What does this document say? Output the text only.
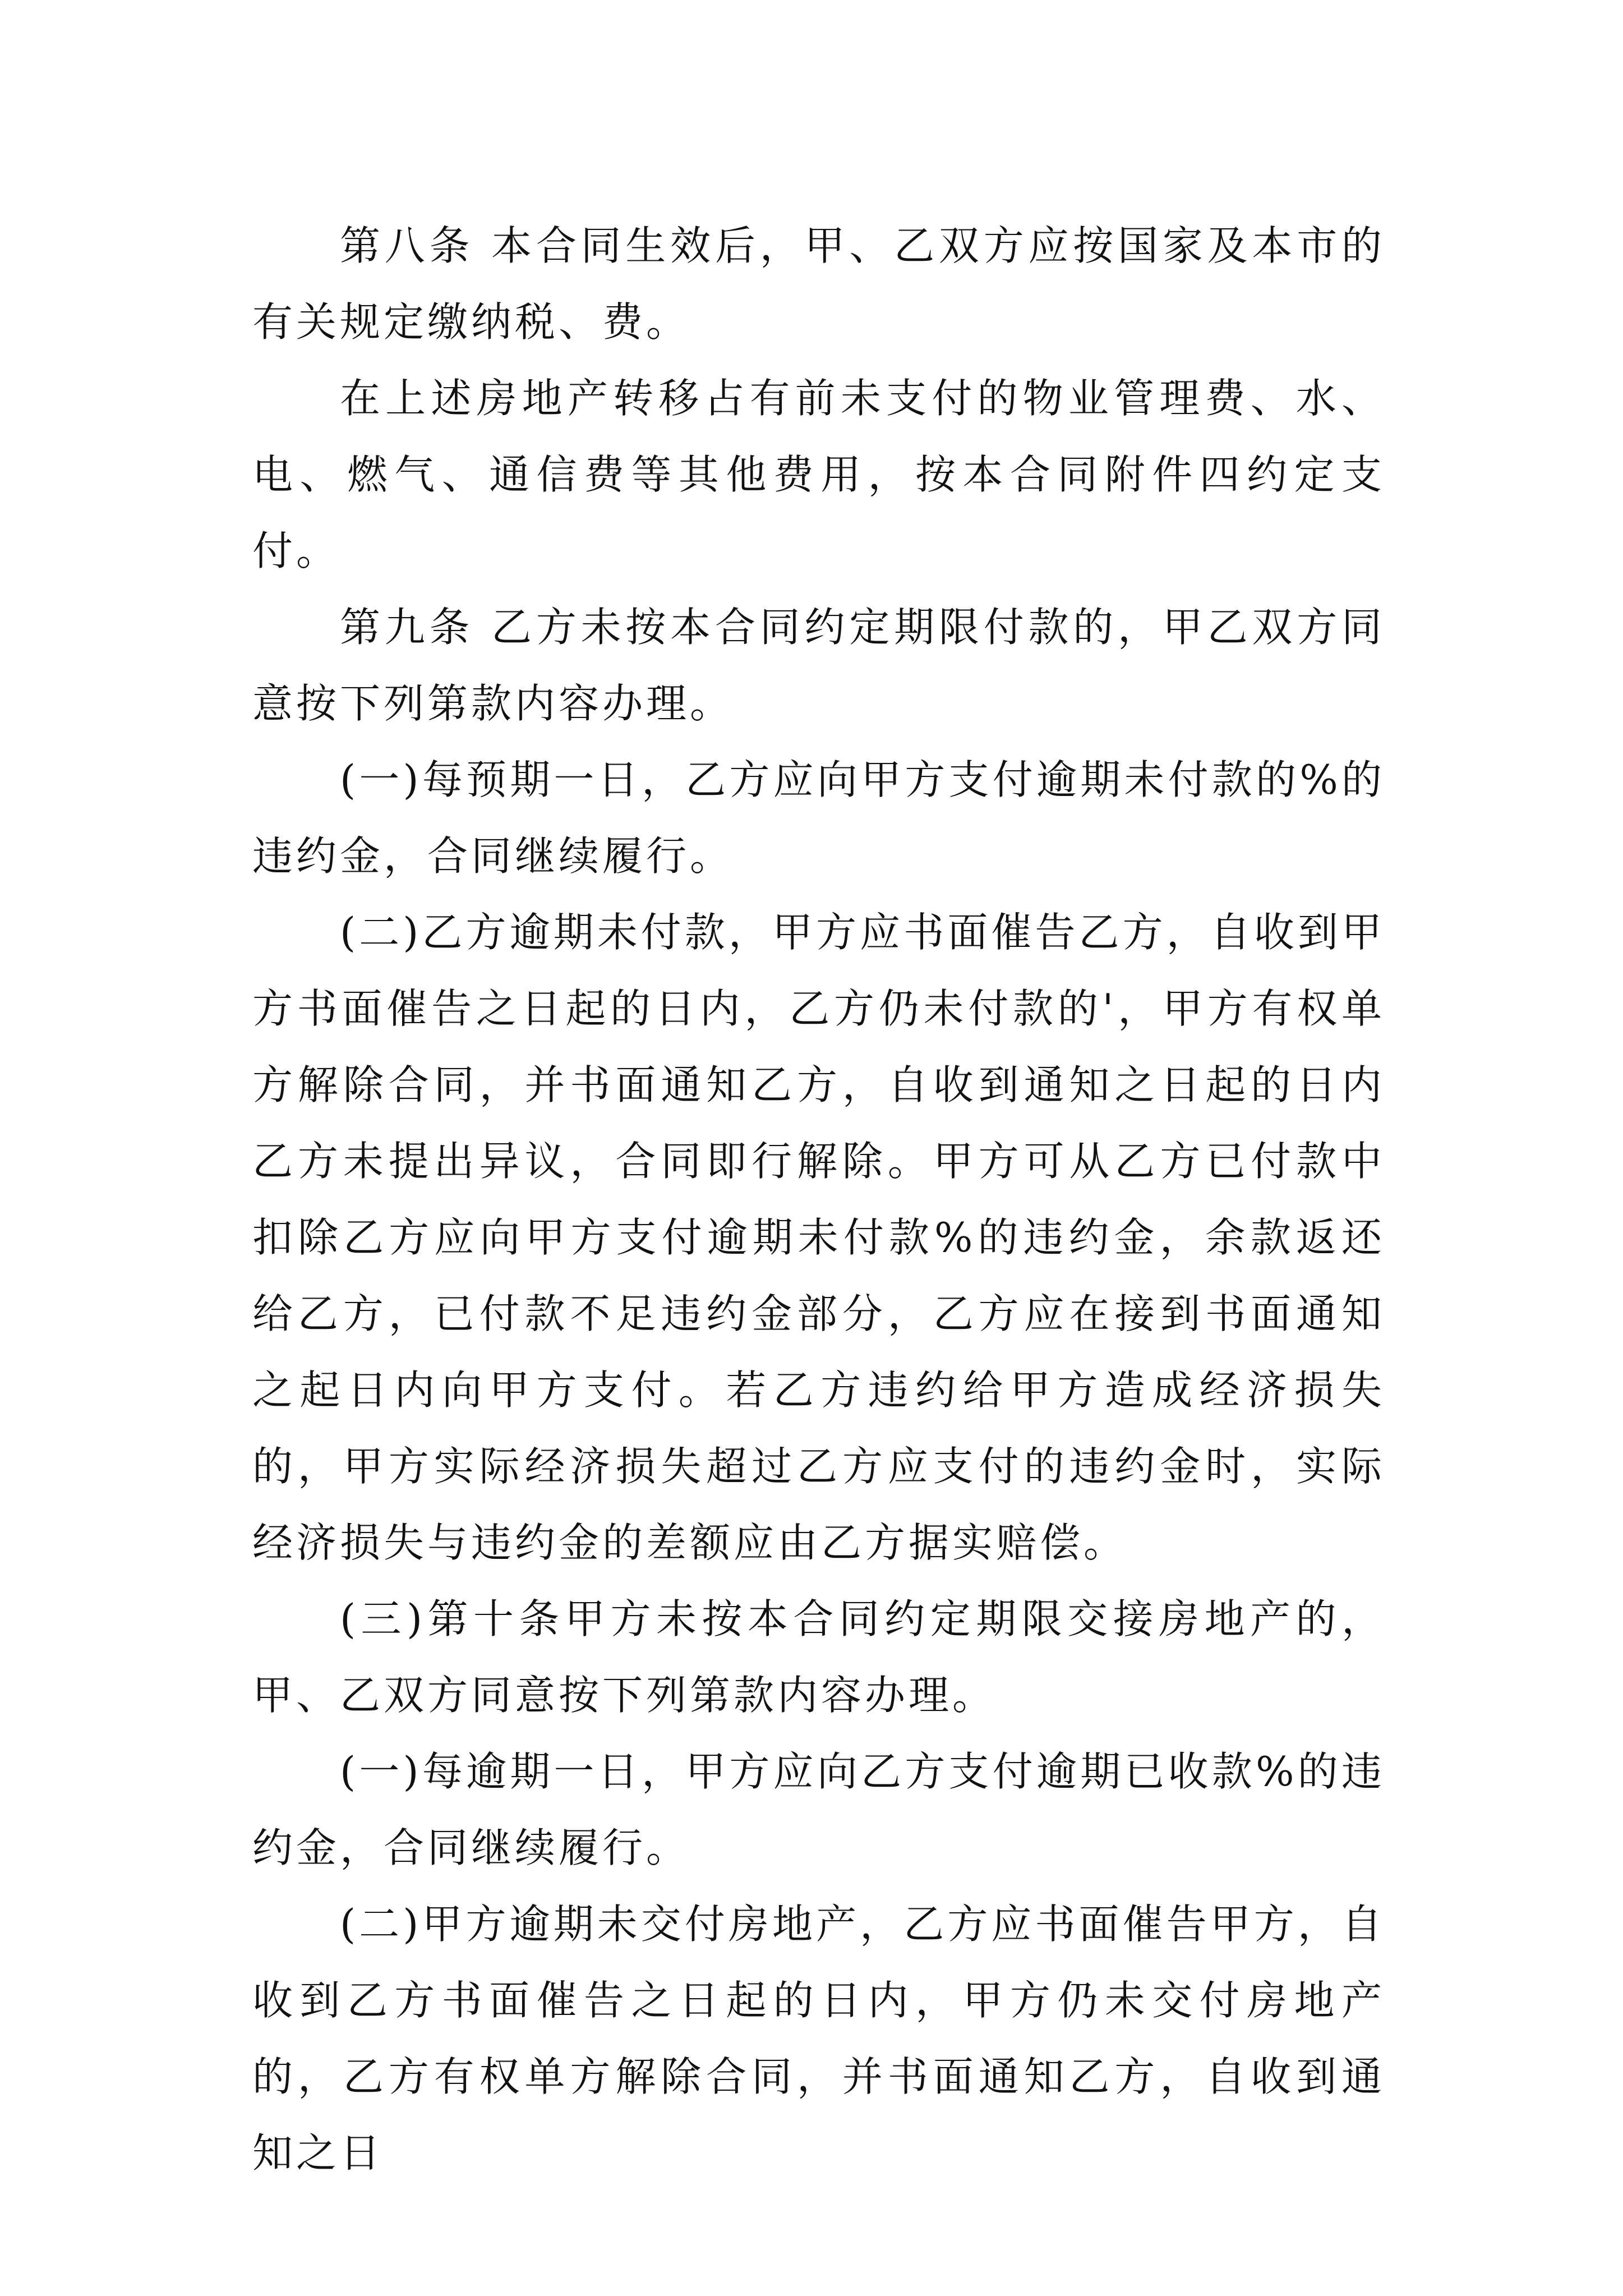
第八条 本合同生效后，甲、乙双方应按国家及本市的有关规定缴纳税、费。

在上述房地产转移占有前未支付的物业管理费、水、电、燃气、通信费等其他费用，按本合同附件四约定支付。

第九条 乙方未按本合同约定期限付款的，甲乙双方同意按下列第款内容办理。

(一)每预期一日，乙方应向甲方支付逾期未付款的%的违约金，合同继续履行。

(二)乙方逾期未付款，甲方应书面催告乙方，自收到甲方书面催告之日起的日内，乙方仍未付款的'，甲方有权单方解除合同，并书面通知乙方，自收到通知之日起的日内乙方未提出异议，合同即行解除。甲方可从乙方已付款中扣除乙方应向甲方支付逾期未付款%的违约金，余款返还给乙方，已付款不足违约金部分，乙方应在接到书面通知之起日内向甲方支付。若乙方违约给甲方造成经济损失的，甲方实际经济损失超过乙方应支付的违约金时，实际经济损失与违约金的差额应由乙方据实赔偿。

(三)第十条甲方未按本合同约定期限交接房地产的，甲、乙双方同意按下列第款内容办理。

(一)每逾期一日，甲方应向乙方支付逾期已收款%的违约金，合同继续履行。

(二)甲方逾期未交付房地产，乙方应书面催告甲方，自收到乙方书面催告之日起的日内，甲方仍未交付房地产的，乙方有权单方解除合同，并书面通知乙方，自收到通知之日
